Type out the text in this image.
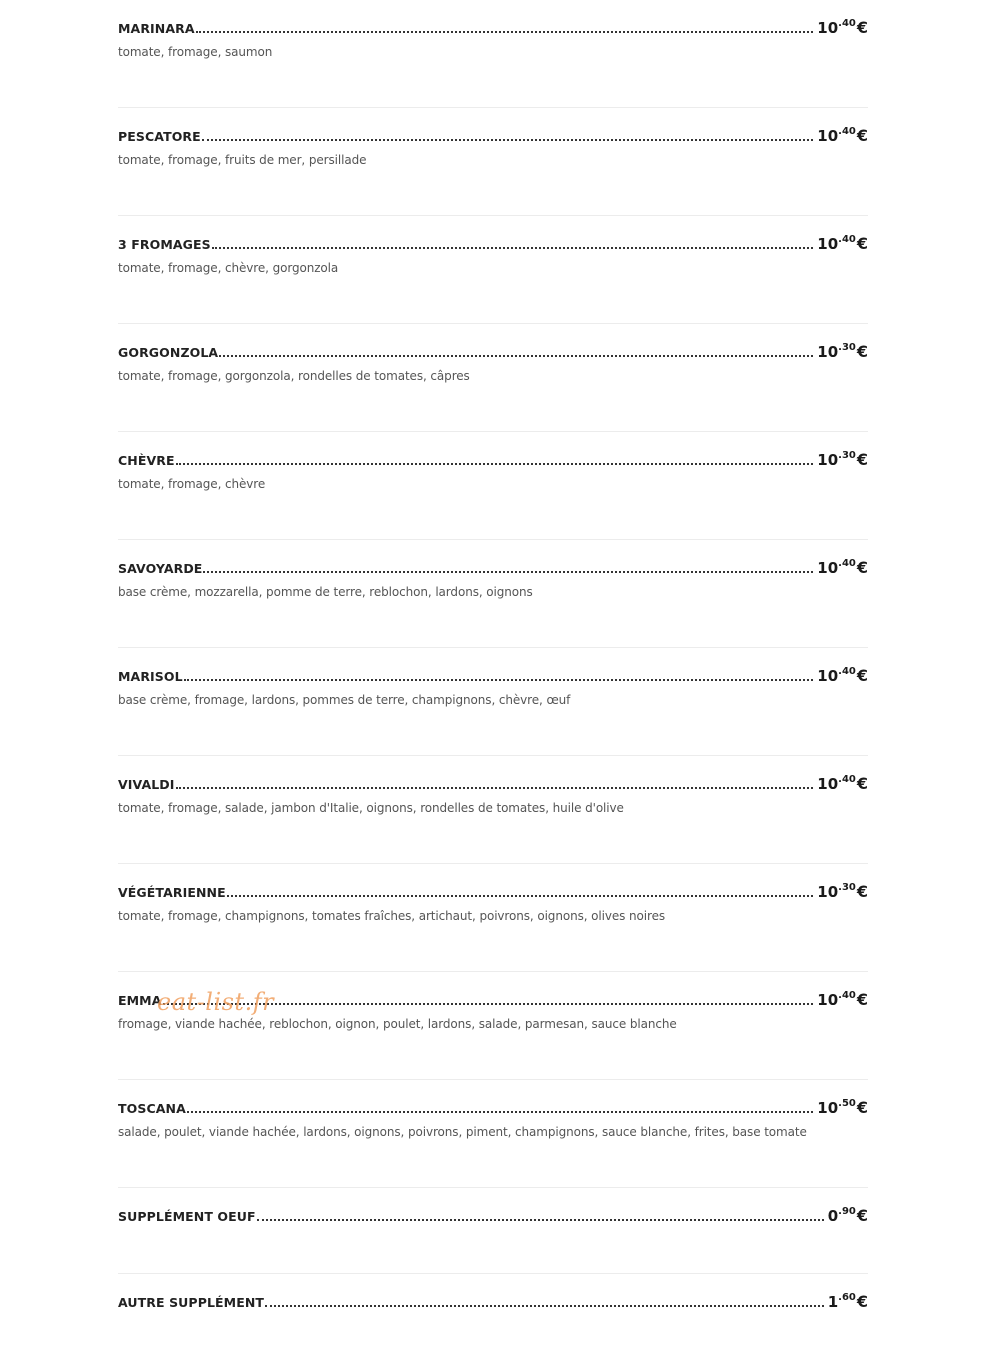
MARINARA	10 .40 €
tomate, fromage, saumon
PESCATORE	10 .40 €
tomate, fromage, fruits de mer, persillade
3 FROMAGES	10 .40 €
tomate, fromage, chèvre, gorgonzola
GORGONZOLA	10 .30 €
tomate, fromage, gorgonzola, rondelles de tomates, câpres
CHÈVRE	10 .30 €
tomate, fromage, chèvre
SAVOYARDE	10 .40 €
base crème, mozzarella, pomme de terre, reblochon, lardons, oignons
MARISOL	10 .40 €
base crème, fromage, lardons, pommes de terre, champignons, chèvre, œuf
VIVALDI	10 .40 €
tomate, fromage, salade, jambon d'Italie, oignons, rondelles de tomates, huile d'olive
VÉGÉTARIENNE	10 .30 €
tomate, fromage, champignons, tomates fraîches, artichaut, poivrons, oignons, olives noires
EMMA	10 .40 €
fromage, viande hachée, reblochon, oignon, poulet, lardons, salade, parmesan, sauce blanche
TOSCANA	10 .50 €
salade, poulet, viande hachée, lardons, oignons, poivrons, piment, champignons, sauce blanche, frites, base tomate
SUPPLÉMENT OEUF	0 .90 €
AUTRE SUPPLÉMENT	1 .60 €
eat-list.fr
